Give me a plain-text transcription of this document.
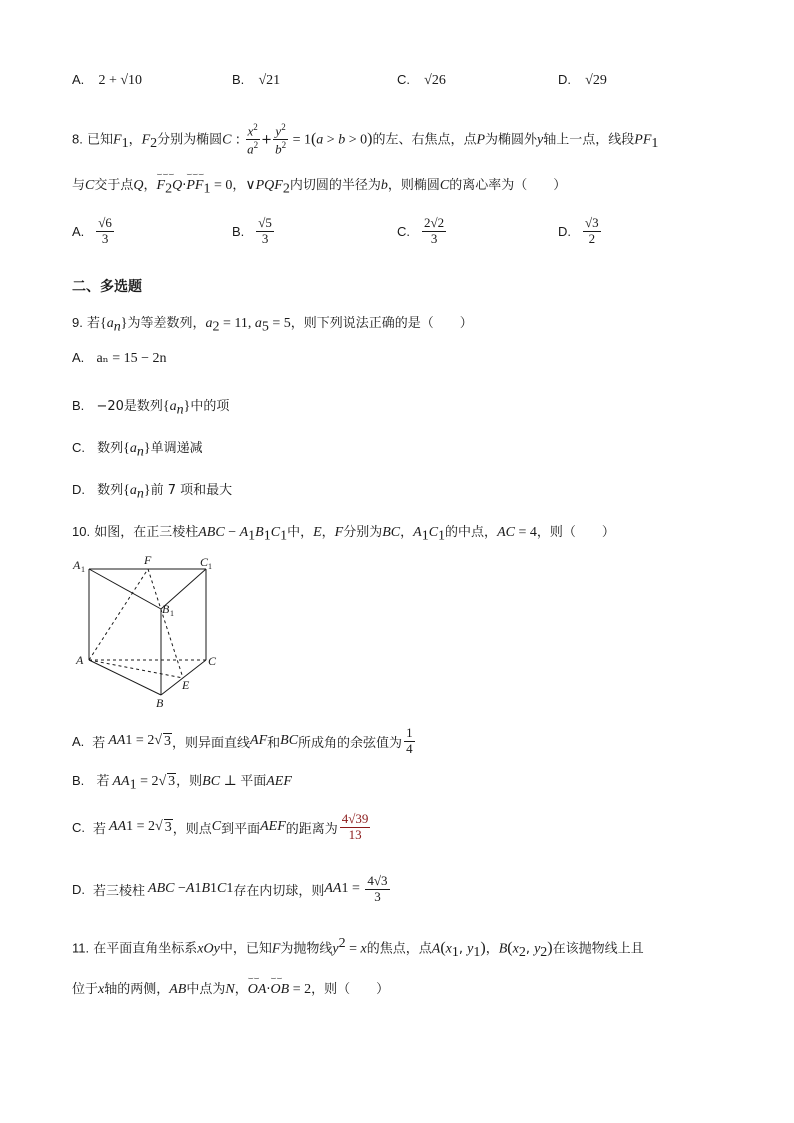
A. 2 + √10	B. √21	C. √26	D. √29
8. 已知$F_1$，$F_2$分别为椭圆C : $\frac{x^2}{a^2} + \frac{y^2}{b^2} = 1(a > b > 0)$的左、右焦点，点P为椭圆外y轴上一点，线段$PF_1$
与C交于点Q，
⌣⌣⌣
$F_2Q\cdot$
⌣⌣⌣
$PF_1 = 0$，$\vee PQF_2$内切圆的半径为b，则椭圆C的离心率为（　　）
A. $\frac{√6}{3}$	B. $\frac{√5}{3}$	C. $\frac{2√2}{3}$	D. $\frac{√3}{2}$
二、多选题
9. 若$\{a_n\}$为等差数列，$a_2 = 11$, $a_5 = 5$，则下列说法正确的是（　　）
A. aₙ = 15 − 2n
B. −20是数列$\{a_n\}$中的项
C. 数列$\{a_n\}$单调递减
D. 数列$\{a_n\}$前 7 项和最大
10. 如图，在正三棱柱ABC − $A_1B_1C_1$中，E，F分别为BC，$A_1C_1$的中点，AC = 4，则（　　）
A 1
F	C 1
B 1
A	C
E
B
A. 若 AA 1 = 2 √ 3 ，则异面直线 AF 和 BC 所成角的余弦值为 $\frac{1}{4}$
B. 若 $AA_1 = 2√$ 3，则BC ⊥ 平面AEF
C. 若 AA 1 = 2 √ 3 ，则点 C 到平面 AEF 的距离为 $\frac{4√39}{13}$
D. 若三棱柱 ABC − A 1 B 1 C 1 存在内切球，则 AA $1 = \frac{4√3}{3}$
11. 在平面直角坐标系xOy中，已知F为抛物线$y^2 = x$的焦点，点$A(x_1$, $y_1$)，$B(x_2$, $y_2$)在该抛物线上且
位于x轴的两侧，AB中点为N，
⌣⌣
OA·
⌣⌣
OB = 2，则（　　）
